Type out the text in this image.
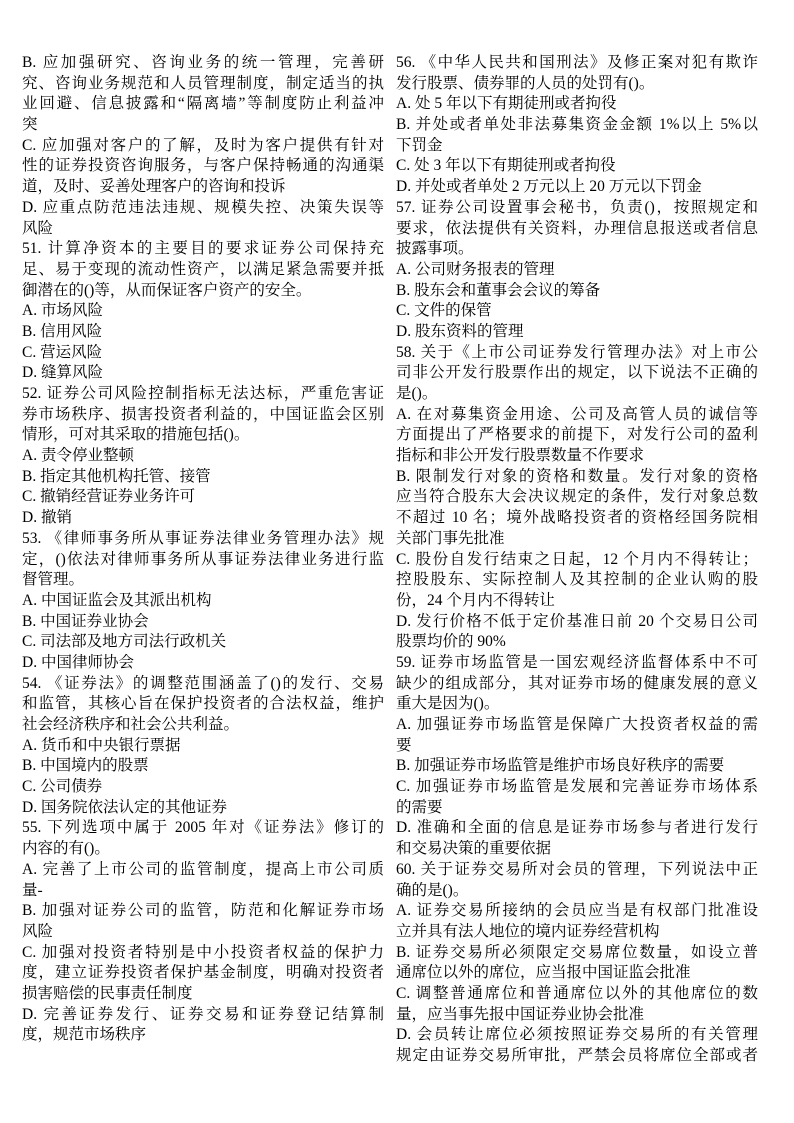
B. 应加强研究、咨询业务的统一管理，完善研
究、咨询业务规范和人员管理制度，制定适当的执
业回避、信息披露和“隔离墙”等制度防止利益冲
突
C. 应加强对客户的了解，及时为客户提供有针对
性的证券投资咨询服务，与客户保持畅通的沟通渠
道，及时、妥善处理客户的咨询和投诉
D. 应重点防范违法违规、规模失控、决策失误等
风险
51. 计算净资本的主要目的要求证券公司保持充
足、易于变现的流动性资产，以满足紧急需要并抵
御潜在的()等，从而保证客户资产的安全。
A. 市场风险
B. 信用风险
C. 营运风险
D. 缝算风险
52. 证券公司风险控制指标无法达标，严重危害证
券市场秩序、损害投资者利益的，中国证监会区别
情形，可对其采取的措施包括()。
A. 责令停业整顿
B. 指定其他机构托管、接管
C. 撤销经营证券业务许可
D. 撤销
53. 《律师事务所从事证券法律业务管理办法》规
定，()依法对律师事务所从事证券法律业务进行监
督管理。
A. 中国证监会及其派出机构
B. 中国证券业协会
C. 司法部及地方司法行政机关
D. 中国律师协会
54. 《证券法》的调整范围涵盖了()的发行、交易
和监管，其核心旨在保护投资者的合法权益，维护
社会经济秩序和社会公共利益。
A. 货币和中央银行票据
B. 中国境内的股票
C. 公司债券
D. 国务院依法认定的其他证券
55. 下列选项中属于 2005 年对《证券法》修订的
内容的有()。
A. 完善了上市公司的监管制度，提高上市公司质
量-
B. 加强对证券公司的监管，防范和化解证券市场
风险
C. 加强对投资者特别是中小投资者权益的保护力
度，建立证券投资者保护基金制度，明确对投资者
损害赔偿的民事责任制度
D. 完善证券发行、证券交易和证券登记结算制
度，规范市场秩序
56. 《中华人民共和国刑法》及修正案对犯有欺诈
发行股票、债券罪的人员的处罚有()。
A. 处 5 年以下有期徒刑或者拘役
B. 并处或者单处非法募集资金金额 1%以上 5%以
下罚金
C. 处 3 年以下有期徒刑或者拘役
D. 并处或者单处 2 万元以上 20 万元以下罚金
57. 证券公司设置事会秘书，负责()，按照规定和
要求，依法提供有关资料，办理信息报送或者信息
披露事项。
A. 公司财务报表的管理
B. 股东会和董事会会议的筹备
C. 文件的保管
D. 股东资料的管理
58. 关于《上市公司证券发行管理办法》对上市公
司非公开发行股票作出的规定，以下说法不正确的
是()。
A. 在对募集资金用途、公司及高管人员的诚信等
方面提出了严格要求的前提下，对发行公司的盈利
指标和非公开发行股票数量不作要求
B. 限制发行对象的资格和数量。发行对象的资格
应当符合股东大会决议规定的条件，发行对象总数
不超过 10 名；境外战略投资者的资格经国务院相
关部门事先批准
C. 股份自发行结束之日起，12 个月内不得转让；
控股股东、实际控制人及其控制的企业认购的股
份，24 个月内不得转让
D. 发行价格不低于定价基准日前 20 个交易日公司
股票均价的 90%
59. 证券市场监管是一国宏观经济监督体系中不可
缺少的组成部分，其对证券市场的健康发展的意义
重大是因为()。
A. 加强证券市场监管是保障广大投资者权益的需
要
B. 加强证券市场监管是维护市场良好秩序的需要
C. 加强证券市场监管是发展和完善证券市场体系
的需要
D. 准确和全面的信息是证券市场参与者进行发行
和交易决策的重要依据
60. 关于证券交易所对会员的管理，下列说法中正
确的是()。
A. 证券交易所接纳的会员应当是有权部门批准设
立并具有法人地位的境内证券经营机构
B. 证券交易所必须限定交易席位数量，如设立普
通席位以外的席位，应当报中国证监会批准
C. 调整普通席位和普通席位以外的其他席位的数
量，应当事先报中国证券业协会批准
D. 会员转让席位必须按照证券交易所的有关管理
规定由证券交易所审批，严禁会员将席位全部或者
